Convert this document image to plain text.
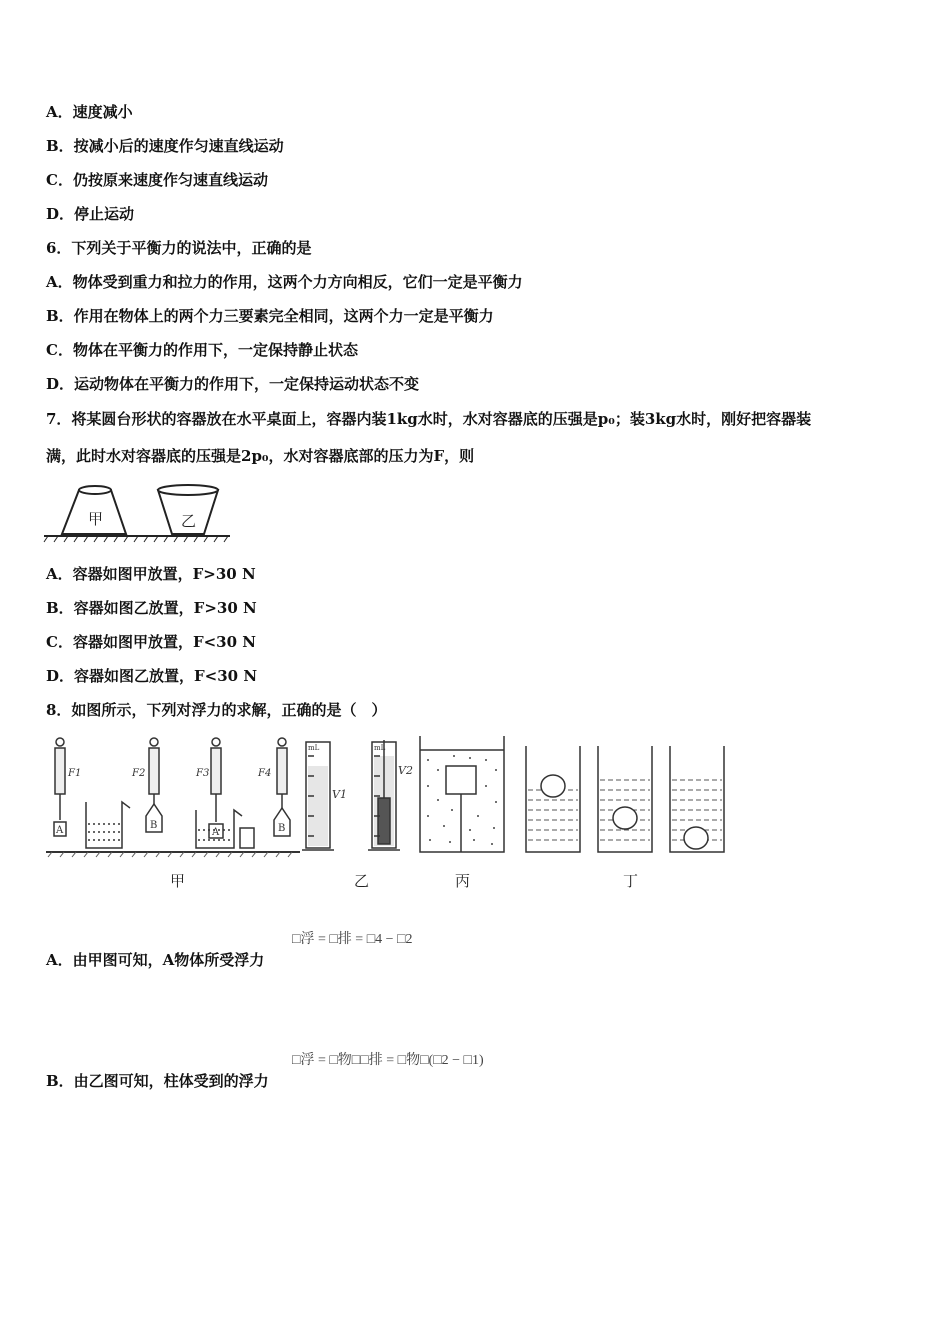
A．速度减小
B．按减小后的速度作匀速直线运动
C．仍按原来速度作匀速直线运动
D．停止运动
6．下列关于平衡力的说法中，正确的是
A．物体受到重力和拉力的作用，这两个力方向相反，它们一定是平衡力
B．作用在物体上的两个力三要素完全相同，这两个力一定是平衡力
C．物体在平衡力的作用下，一定保持静止状态
D．运动物体在平衡力的作用下，一定保持运动状态不变
7．将某圆台形状的容器放在水平桌面上，容器内装1kg水时，水对容器底的压强是p₀；装3kg水时，刚好把容器装
满，此时水对容器底的压强是2p₀，水对容器底部的压力为F，则
甲	乙
A．容器如图甲放置，F>30 N
B．容器如图乙放置，F>30 N
C．容器如图甲放置，F<30 N
D．容器如图乙放置，F<30 N
8．如图所示，下列对浮力的求解，正确的是（　）
F1	F2	F3	F4
A	B
A	B
mL
V1
mL
V2
甲	乙	丙	丁
□浮 = □排 = □4 − □2
A．由甲图可知，A物体所受浮力
□浮 = □物□□排 = □物□(□2 − □1)
B．由乙图可知，柱体受到的浮力
